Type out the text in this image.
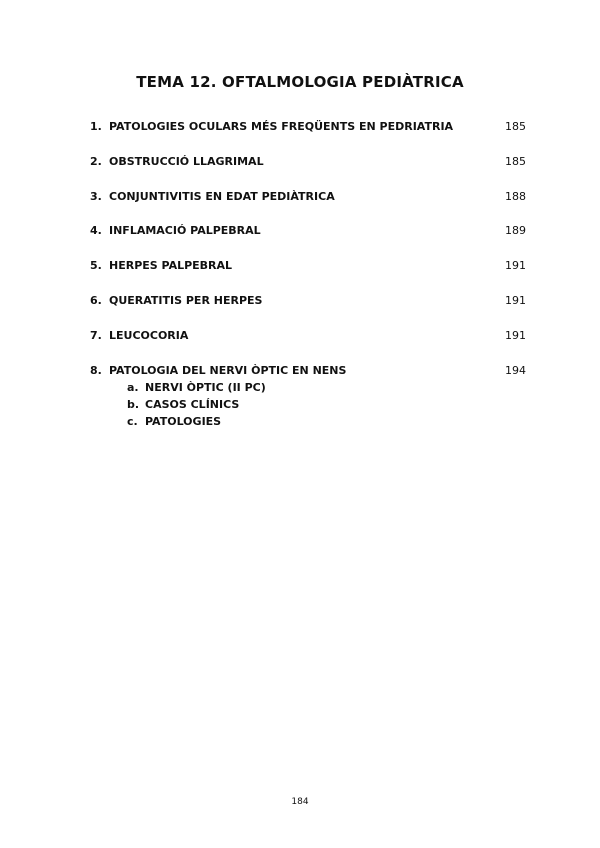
TEMA 12. OFTALMOLOGIA PEDIÀTRICA
1. PATOLOGIES OCULARS MÉS FREQÜENTS EN PEDRIATRIA	185
2. OBSTRUCCIÓ LLAGRIMAL	185
3. CONJUNTIVITIS EN EDAT PEDIÀTRICA	188
4. INFLAMACIÓ PALPEBRAL	189
5. HERPES PALPEBRAL	191
6. QUERATITIS PER HERPES	191
7. LEUCOCORIA	191
8. PATOLOGIA DEL NERVI ÒPTIC EN NENS	194
a. NERVI ÒPTIC (II PC)
b. CASOS CLÍNICS
c. PATOLOGIES
184
